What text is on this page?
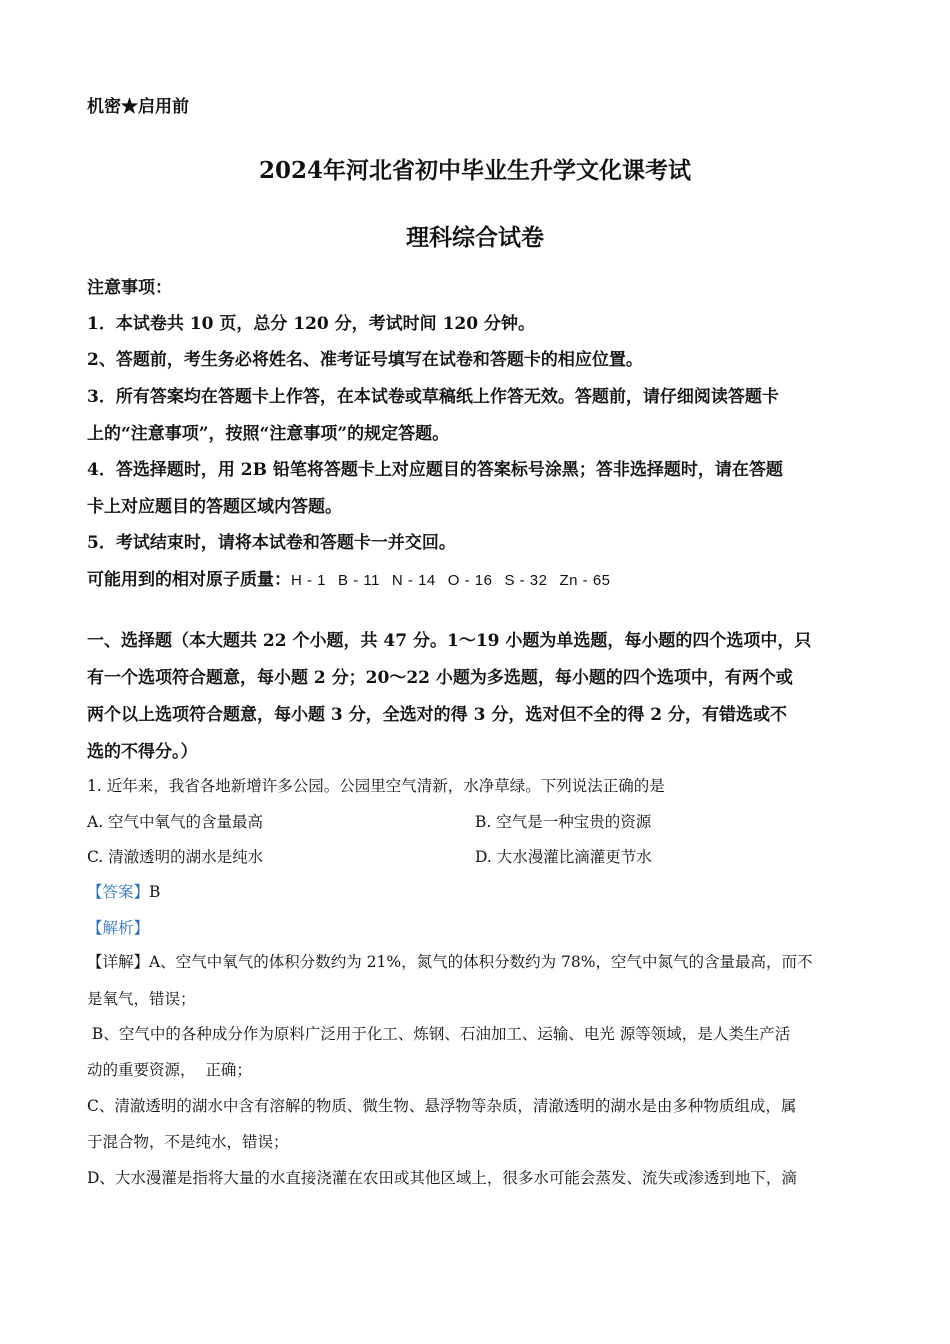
机密★启用前
2024年河北省初中毕业生升学文化课考试
理科综合试卷
注意事项：
1．本试卷共 10 页，总分 120 分，考试时间 120 分钟。
2、答题前，考生务必将姓名、准考证号填写在试卷和答题卡的相应位置。
3．所有答案均在答题卡上作答，在本试卷或草稿纸上作答无效。答题前，请仔细阅读答题卡
上的“注意事项”，按照“注意事项”的规定答题。
4．答选择题时，用 2B 铅笔将答题卡上对应题目的答案标号涂黑；答非选择题时，请在答题
卡上对应题目的答题区域内答题。
5．考试结束时，请将本试卷和答题卡一并交回。
可能用到的相对原子质量：H - 1 B - 11 N - 14 O - 16 S - 32 Zn - 65
一、选择题（本大题共 22 个小题，共 47 分。1～19 小题为单选题，每小题的四个选项中，只
有一个选项符合题意，每小题 2 分；20～22 小题为多选题，每小题的四个选项中，有两个或
两个以上选项符合题意，每小题 3 分，全选对的得 3 分，选对但不全的得 2 分，有错选或不
选的不得分。）
1. 近年来，我省各地新增许多公园。公园里空气清新，水净草绿。下列说法正确的是
A. 空气中氧气的含量最高	B. 空气是一种宝贵的资源
C. 清澈透明的湖水是纯水	D. 大水漫灌比滴灌更节水
【答案】B
【解析】
【详解】A、空气中氧气的体积分数约为 21%，氮气的体积分数约为 78%，空气中氮气的含量最高，而不
是氧气，错误；
B、空气中的各种成分作为原料广泛用于化工、炼钢、石油加工、运输、电光 源等领域，是人类生产活
动的重要资源，  正确；
C、清澈透明的湖水中含有溶解的物质、微生物、悬浮物等杂质，清澈透明的湖水是由多种物质组成，属
于混合物，不是纯水，错误；
D、大水漫灌是指将大量的水直接浇灌在农田或其他区域上，很多水可能会蒸发、流失或渗透到地下，滴
